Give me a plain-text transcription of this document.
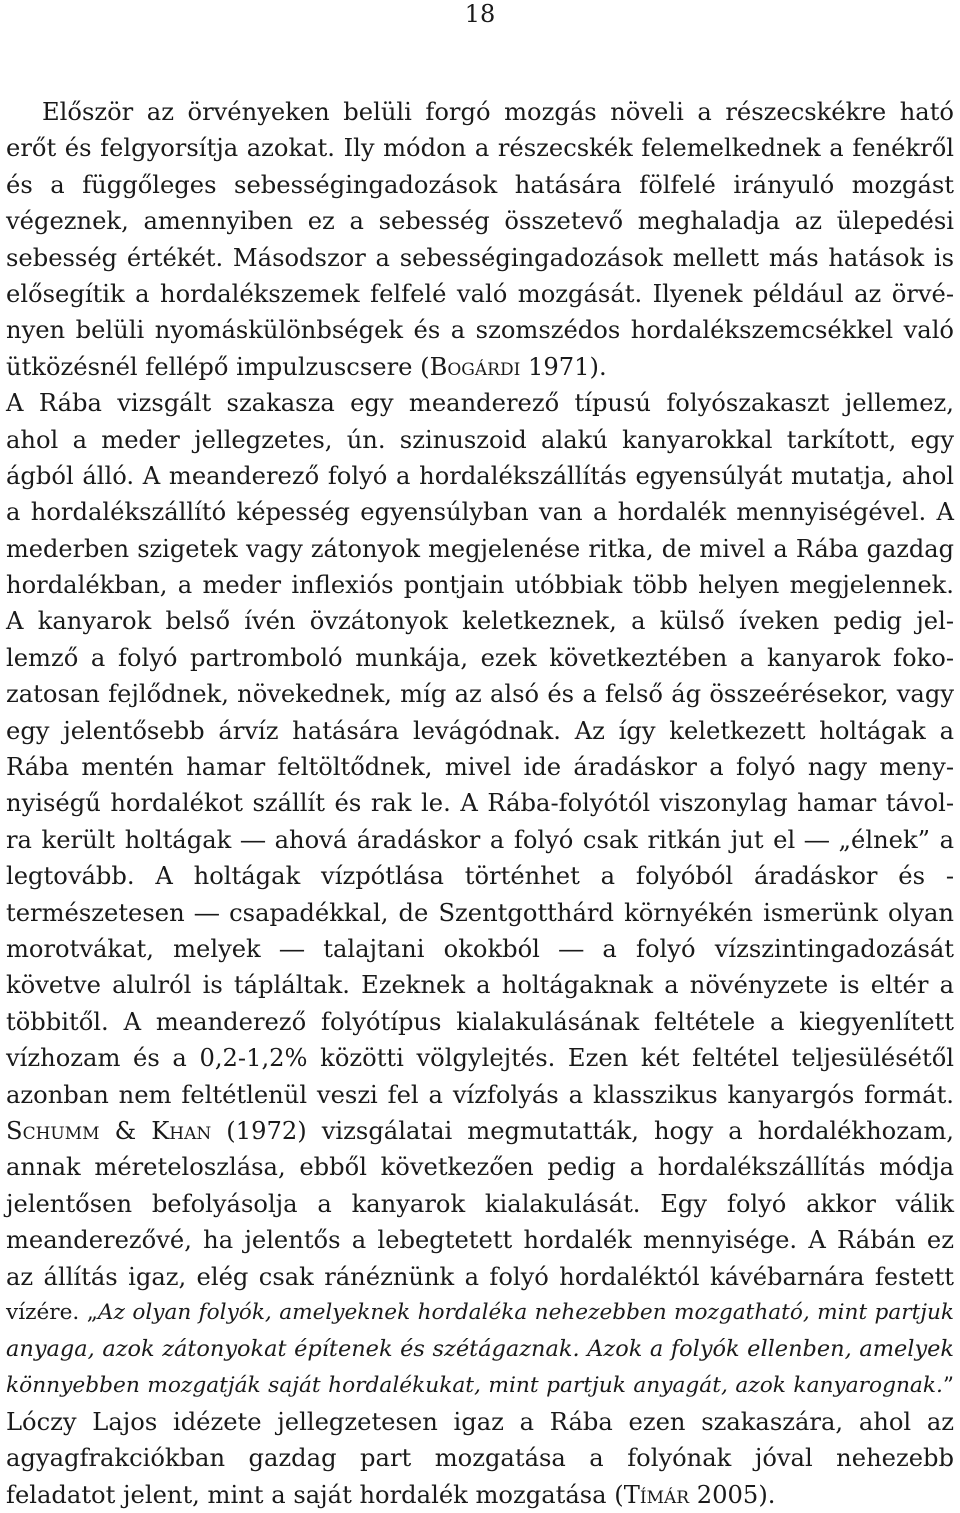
18
Először az örvényeken belüli forgó mozgás növeli a részecskékre ható
erőt és felgyorsítja azokat. Ily módon a részecskék felemelkednek a fenékről
és a függőleges sebességingadozások hatására fölfelé irányuló mozgást
végeznek, amennyiben ez a sebesség összetevő meghaladja az ülepedési
sebesség értékét. Másodszor a sebességingadozások mellett más hatások is
elősegítik a hordalékszemek felfelé való mozgását. Ilyenek például az örvé-
nyen belüli nyomáskülönbségek és a szomszédos hordalékszemcsékkel való
ütközésnél fellépő impulzuscsere (Bogárdi 1971).
A Rába vizsgált szakasza egy meanderező típusú folyószakaszt jellemez,
ahol a meder jellegzetes, ún. szinuszoid alakú kanyarokkal tarkított, egy
ágból álló. A meanderező folyó a hordalékszállítás egyensúlyát mutatja, ahol
a hordalékszállító képesség egyensúlyban van a hordalék mennyiségével. A
mederben szigetek vagy zátonyok megjelenése ritka, de mivel a Rába gazdag
hordalékban, a meder inflexiós pontjain utóbbiak több helyen megjelennek.
A kanyarok belső ívén övzátonyok keletkeznek, a külső íveken pedig jel-
lemző a folyó partromboló munkája, ezek következtében a kanyarok foko-
zatosan fejlődnek, növekednek, míg az alsó és a felső ág összeérésekor, vagy
egy jelentősebb árvíz hatására levágódnak. Az így keletkezett holtágak a
Rába mentén hamar feltöltődnek, mivel ide áradáskor a folyó nagy meny-
nyiségű hordalékot szállít és rak le. A Rába-folyótól viszonylag hamar távol-
ra került holtágak ― ahová áradáskor a folyó csak ritkán jut el ― „élnek” a
legtovább. A holtágak vízpótlása történhet a folyóból áradáskor és -
természetesen ― csapadékkal, de Szentgotthárd környékén ismerünk olyan
morotvákat, melyek ― talajtani okokból ― a folyó vízszintingadozását
követve alulról is tápláltak. Ezeknek a holtágaknak a növényzete is eltér a
többitől. A meanderező folyótípus kialakulásának feltétele a kiegyenlített
vízhozam és a 0,2-1,2% közötti völgylejtés. Ezen két feltétel teljesülésétől
azonban nem feltétlenül veszi fel a vízfolyás a klasszikus kanyargós formát.
Schumm & Khan (1972) vizsgálatai megmutatták, hogy a hordalékhozam,
annak méreteloszlása, ebből következően pedig a hordalékszállítás módja
jelentősen befolyásolja a kanyarok kialakulását. Egy folyó akkor válik
meanderezővé, ha jelentős a lebegtetett hordalék mennyisége. A Rábán ez
az állítás igaz, elég csak ránéznünk a folyó hordaléktól kávébarnára festett
vízére. „Az olyan folyók, amelyeknek hordaléka nehezebben mozgatható, mint partjuk
anyaga, azok zátonyokat építenek és szétágaznak. Azok a folyók ellenben, amelyek
könnyebben mozgatják saját hordalékukat, mint partjuk anyagát, azok kanyarognak.”
Lóczy Lajos idézete jellegzetesen igaz a Rába ezen szakaszára, ahol az
agyagfrakciókban gazdag part mozgatása a folyónak jóval nehezebb
feladatot jelent, mint a saját hordalék mozgatása (Tímár 2005).
